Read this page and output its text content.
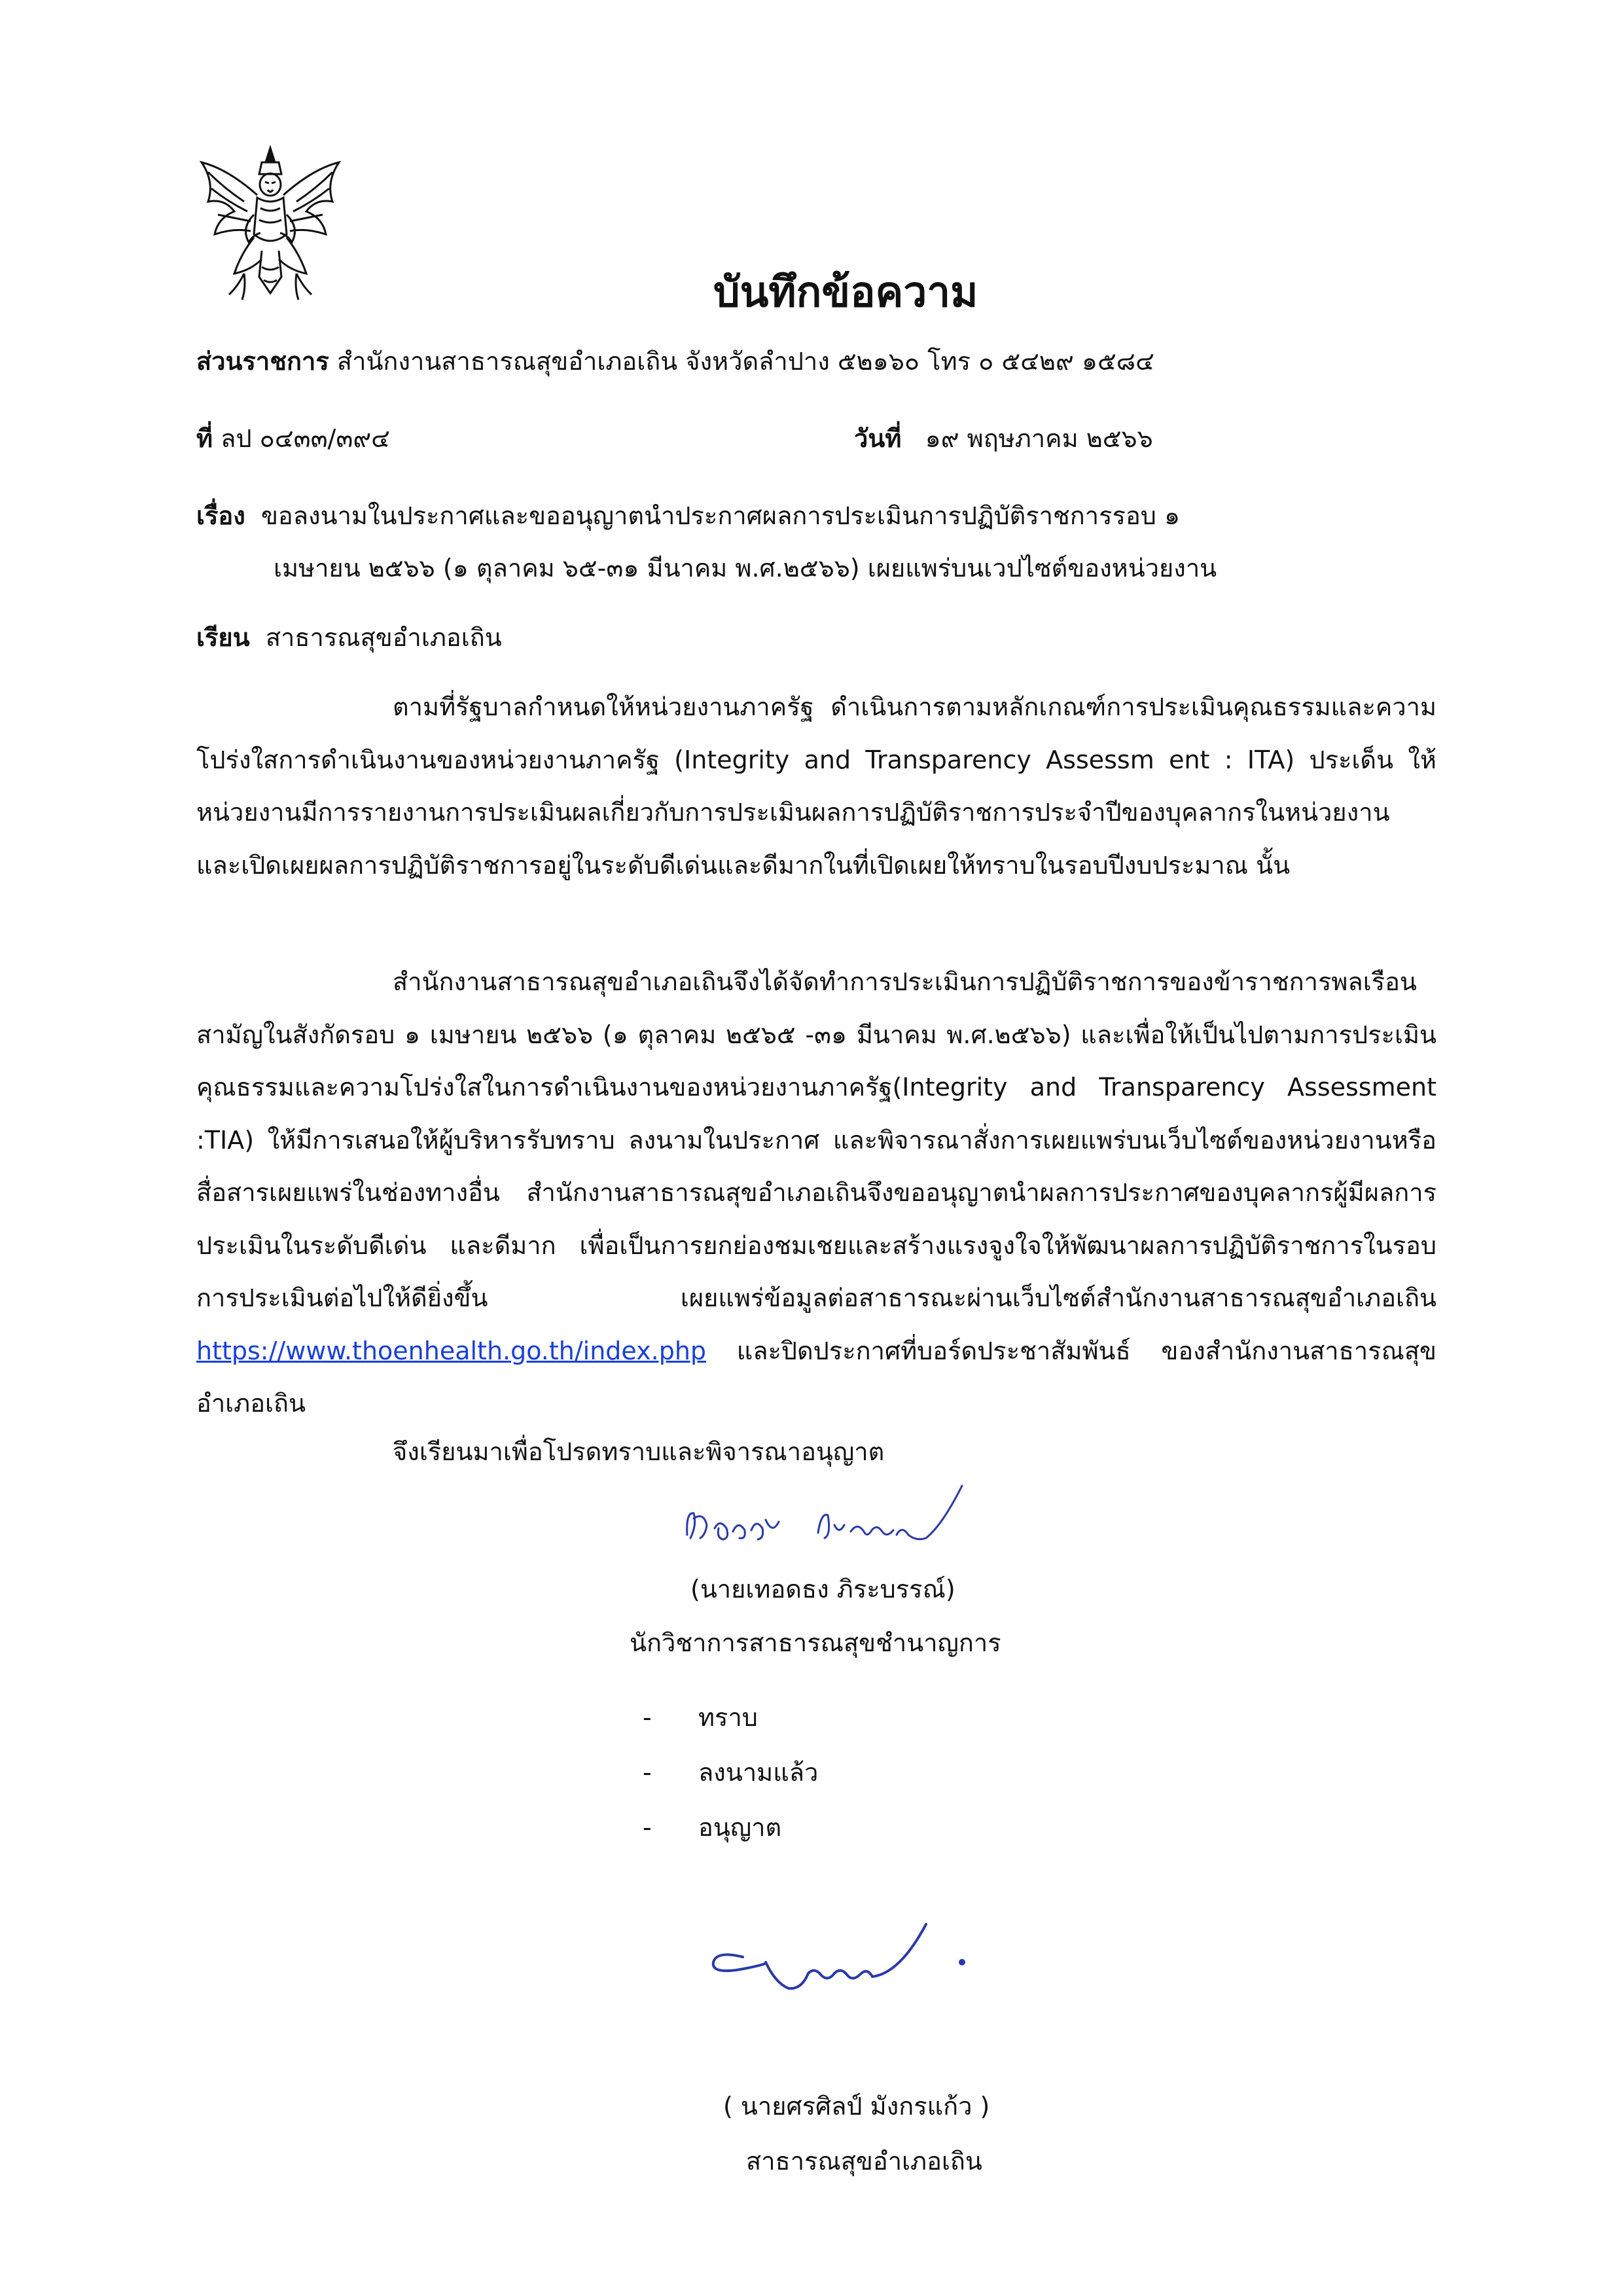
บันทึกข้อความ
ส่วนราชการ สำนักงานสาธารณสุขอำเภอเถิน จังหวัดลำปาง ๕๒๑๖๐ โทร ๐ ๕๔๒๙ ๑๕๘๔
ที่ ลป ๐๔๓๓/๓๙๔	วันที่ ๑๙ พฤษภาคม ๒๕๖๖
เรื่อง ขอลงนามในประกาศและขออนุญาตนำประกาศผลการประเมินการปฏิบัติราชการรอบ ๑
เมษายน ๒๕๖๖ (๑ ตุลาคม ๖๕-๓๑ มีนาคม พ.ศ.๒๕๖๖) เผยแพร่บนเวปไซต์ของหน่วยงาน
เรียน สาธารณสุขอำเภอเถิน
ตามที่รัฐบาลกำหนดให้หน่วยงานภาครัฐ ดำเนินการตามหลักเกณฑ์การประเมินคุณธรรมและความโปร่งใสการดำเนินงานของหน่วยงานภาครัฐ (Integrity and Transparency Assessm ent : ITA) ประเด็น ให้หน่วยงานมีการรายงานการประเมินผลเกี่ยวกับการประเมินผลการปฏิบัติราชการประจำปีของบุคลากรในหน่วยงาน และเปิดเผยผลการปฏิบัติราชการอยู่ในระดับดีเด่นและดีมากในที่เปิดเผยให้ทราบในรอบปีงบประมาณ นั้น
สำนักงานสาธารณสุขอำเภอเถินจึงได้จัดทำการประเมินการปฏิบัติราชการของข้าราชการพลเรือนสามัญในสังกัดรอบ ๑ เมษายน ๒๕๖๖ (๑ ตุลาคม ๒๕๖๕ -๓๑ มีนาคม พ.ศ.๒๕๖๖) และเพื่อให้เป็นไปตามการประเมินคุณธรรมและความโปร่งใสในการดำเนินงานของหน่วยงานภาครัฐ(Integrity and Transparency Assessment :TIA) ให้มีการเสนอให้ผู้บริหารรับทราบ ลงนามในประกาศ และพิจารณาสั่งการเผยแพร่บนเว็บไซต์ของหน่วยงานหรือสื่อสารเผยแพร่ในช่องทางอื่น สำนักงานสาธารณสุขอำเภอเถินจึงขออนุญาตนำผลการประกาศของบุคลากรผู้มีผลการประเมินในระดับดีเด่น และดีมาก เพื่อเป็นการยกย่องชมเชยและสร้างแรงจูงใจให้พัฒนาผลการปฏิบัติราชการในรอบการประเมินต่อไปให้ดียิ่งขึ้น เผยแพร่ข้อมูลต่อสาธารณะผ่านเว็บไซต์สำนักงานสาธารณสุขอำเภอเถิน https://www.thoenhealth.go.th/index.php และปิดประกาศที่บอร์ดประชาสัมพันธ์ ของสำนักงานสาธารณสุขอำเภอเถิน
จึงเรียนมาเพื่อโปรดทราบและพิจารณาอนุญาต
(นายเทอดธง ภิระบรรณ์)
นักวิชาการสาธารณสุขชำนาญการ
- ทราบ
- ลงนามแล้ว
- อนุญาต
( นายศรศิลป์ มังกรแก้ว )
สาธารณสุขอำเภอเถิน
